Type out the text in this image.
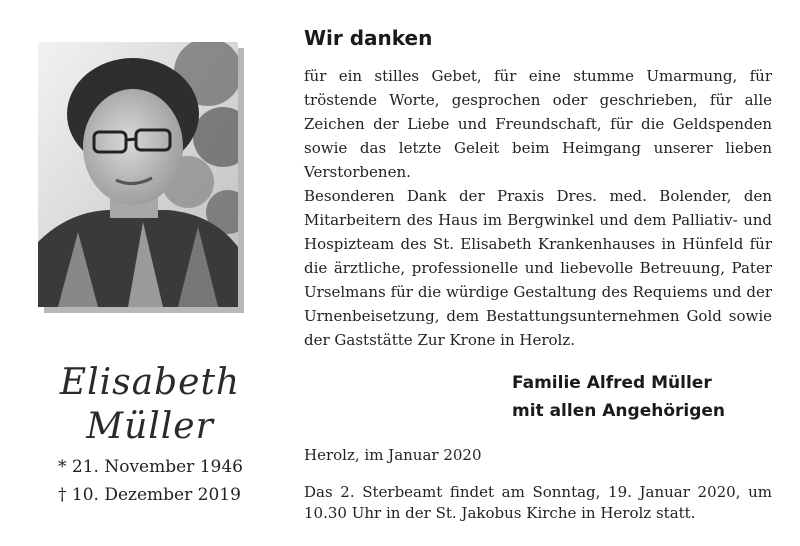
Elisabeth
Müller
* 21. November 1946
† 10. Dezember 2019
Wir danken
für ein stilles Gebet, für eine stumme Umarmung, für tröstende Worte, gesprochen oder geschrieben, für alle Zeichen der Liebe und Freundschaft, für die Geldspenden sowie das letzte Geleit beim Heimgang unserer lieben Verstorbenen.
Besonderen Dank der Praxis Dres. med. Bolender, den Mitarbeitern des Haus im Bergwinkel und dem Palliativ- und Hospizteam des St. Elisabeth Krankenhauses in Hünfeld für die ärztliche, professionelle und liebevolle Betreuung, Pater Urselmans für die würdige Gestaltung des Requiems und der Urnenbeisetzung, dem Bestattungsunternehmen Gold sowie der Gaststätte Zur Krone in Herolz.
Familie Alfred Müller
mit allen Angehörigen
Herolz, im Januar 2020
Das 2. Sterbeamt findet am Sonntag, 19. Januar 2020, um 10.30 Uhr in der St. Jakobus Kirche in Herolz statt.
